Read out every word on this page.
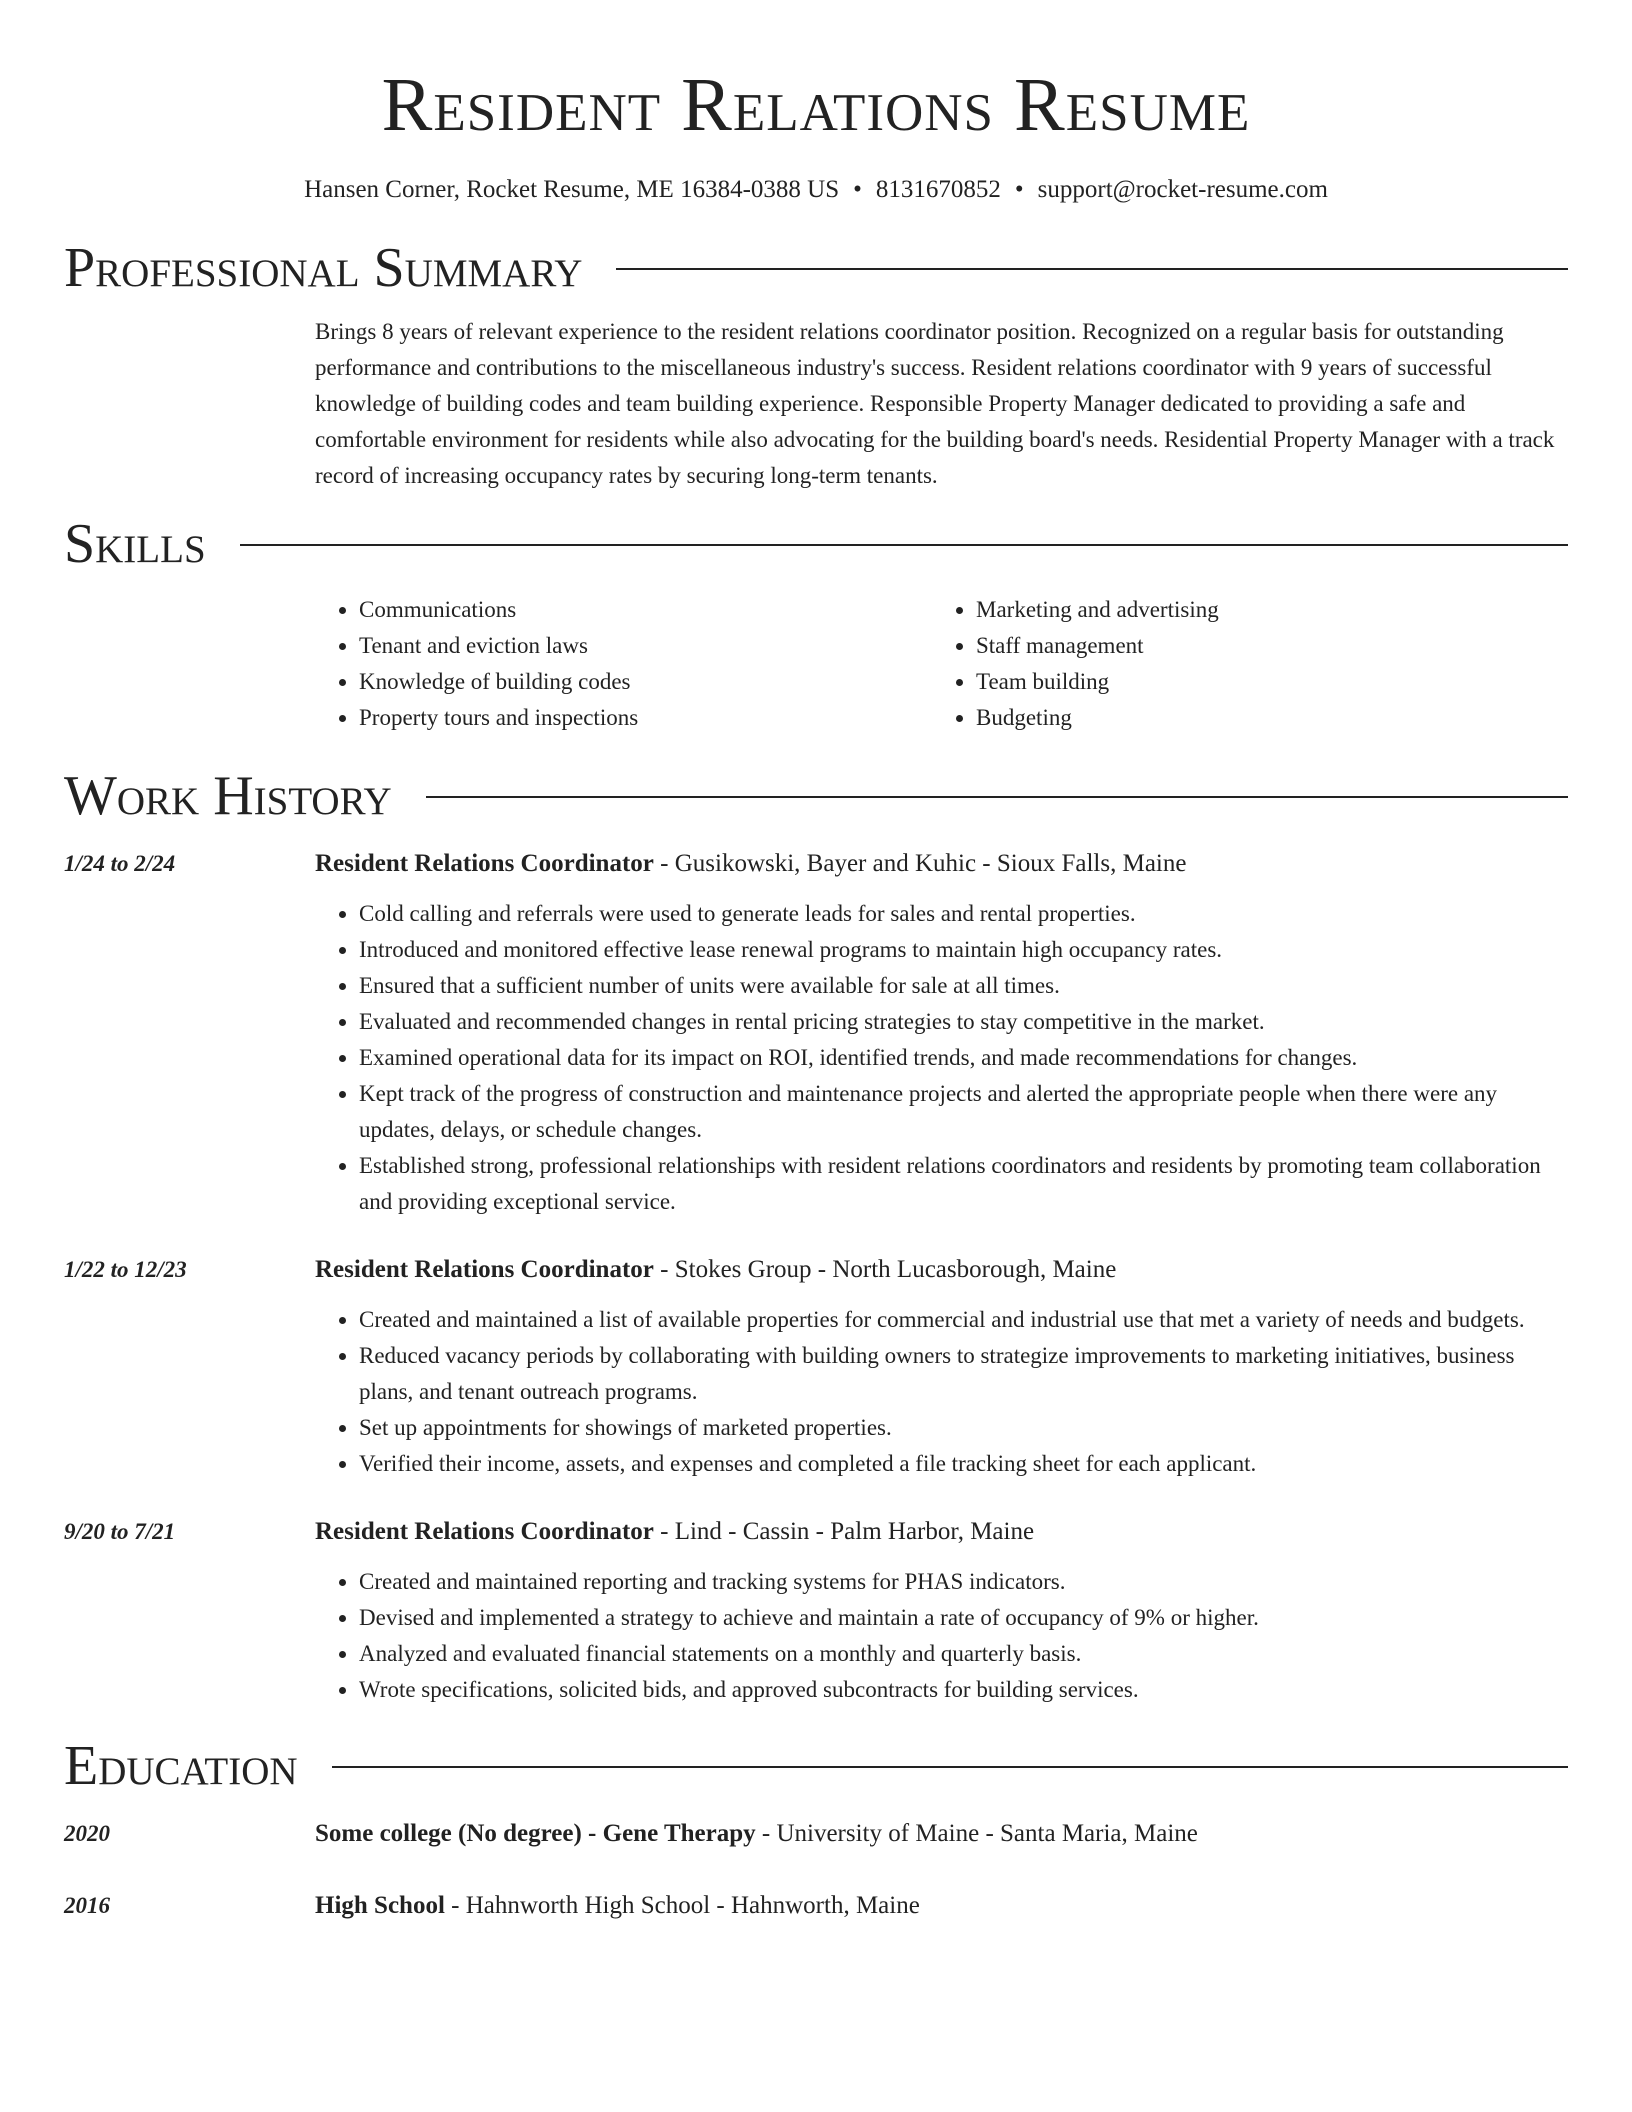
Resident Relations Resume
Hansen Corner, Rocket Resume, ME 16384-0388 US • 8131670852 • support@rocket-resume.com
Professional Summary
Brings 8 years of relevant experience to the resident relations coordinator position. Recognized on a regular basis for outstanding performance and contributions to the miscellaneous industry's success. Resident relations coordinator with 9 years of successful knowledge of building codes and team building experience. Responsible Property Manager dedicated to providing a safe and comfortable environment for residents while also advocating for the building board's needs. Residential Property Manager with a track record of increasing occupancy rates by securing long-term tenants.
Skills
• Communications
• Tenant and eviction laws
• Knowledge of building codes
• Property tours and inspections
• Marketing and advertising
• Staff management
• Team building
• Budgeting
Work History
1/24 to 2/24	Resident Relations Coordinator - Gusikowski, Bayer and Kuhic - Sioux Falls, Maine
• Cold calling and referrals were used to generate leads for sales and rental properties.
• Introduced and monitored effective lease renewal programs to maintain high occupancy rates.
• Ensured that a sufficient number of units were available for sale at all times.
• Evaluated and recommended changes in rental pricing strategies to stay competitive in the market.
• Examined operational data for its impact on ROI, identified trends, and made recommendations for changes.
• Kept track of the progress of construction and maintenance projects and alerted the appropriate people when there were any updates, delays, or schedule changes.
• Established strong, professional relationships with resident relations coordinators and residents by promoting team collaboration and providing exceptional service.
1/22 to 12/23	Resident Relations Coordinator - Stokes Group - North Lucasborough, Maine
• Created and maintained a list of available properties for commercial and industrial use that met a variety of needs and budgets.
• Reduced vacancy periods by collaborating with building owners to strategize improvements to marketing initiatives, business plans, and tenant outreach programs.
• Set up appointments for showings of marketed properties.
• Verified their income, assets, and expenses and completed a file tracking sheet for each applicant.
9/20 to 7/21	Resident Relations Coordinator - Lind - Cassin - Palm Harbor, Maine
• Created and maintained reporting and tracking systems for PHAS indicators.
• Devised and implemented a strategy to achieve and maintain a rate of occupancy of 9% or higher.
• Analyzed and evaluated financial statements on a monthly and quarterly basis.
• Wrote specifications, solicited bids, and approved subcontracts for building services.
Education
2020	Some college (No degree) - Gene Therapy - University of Maine - Santa Maria, Maine
2016	High School - Hahnworth High School - Hahnworth, Maine
